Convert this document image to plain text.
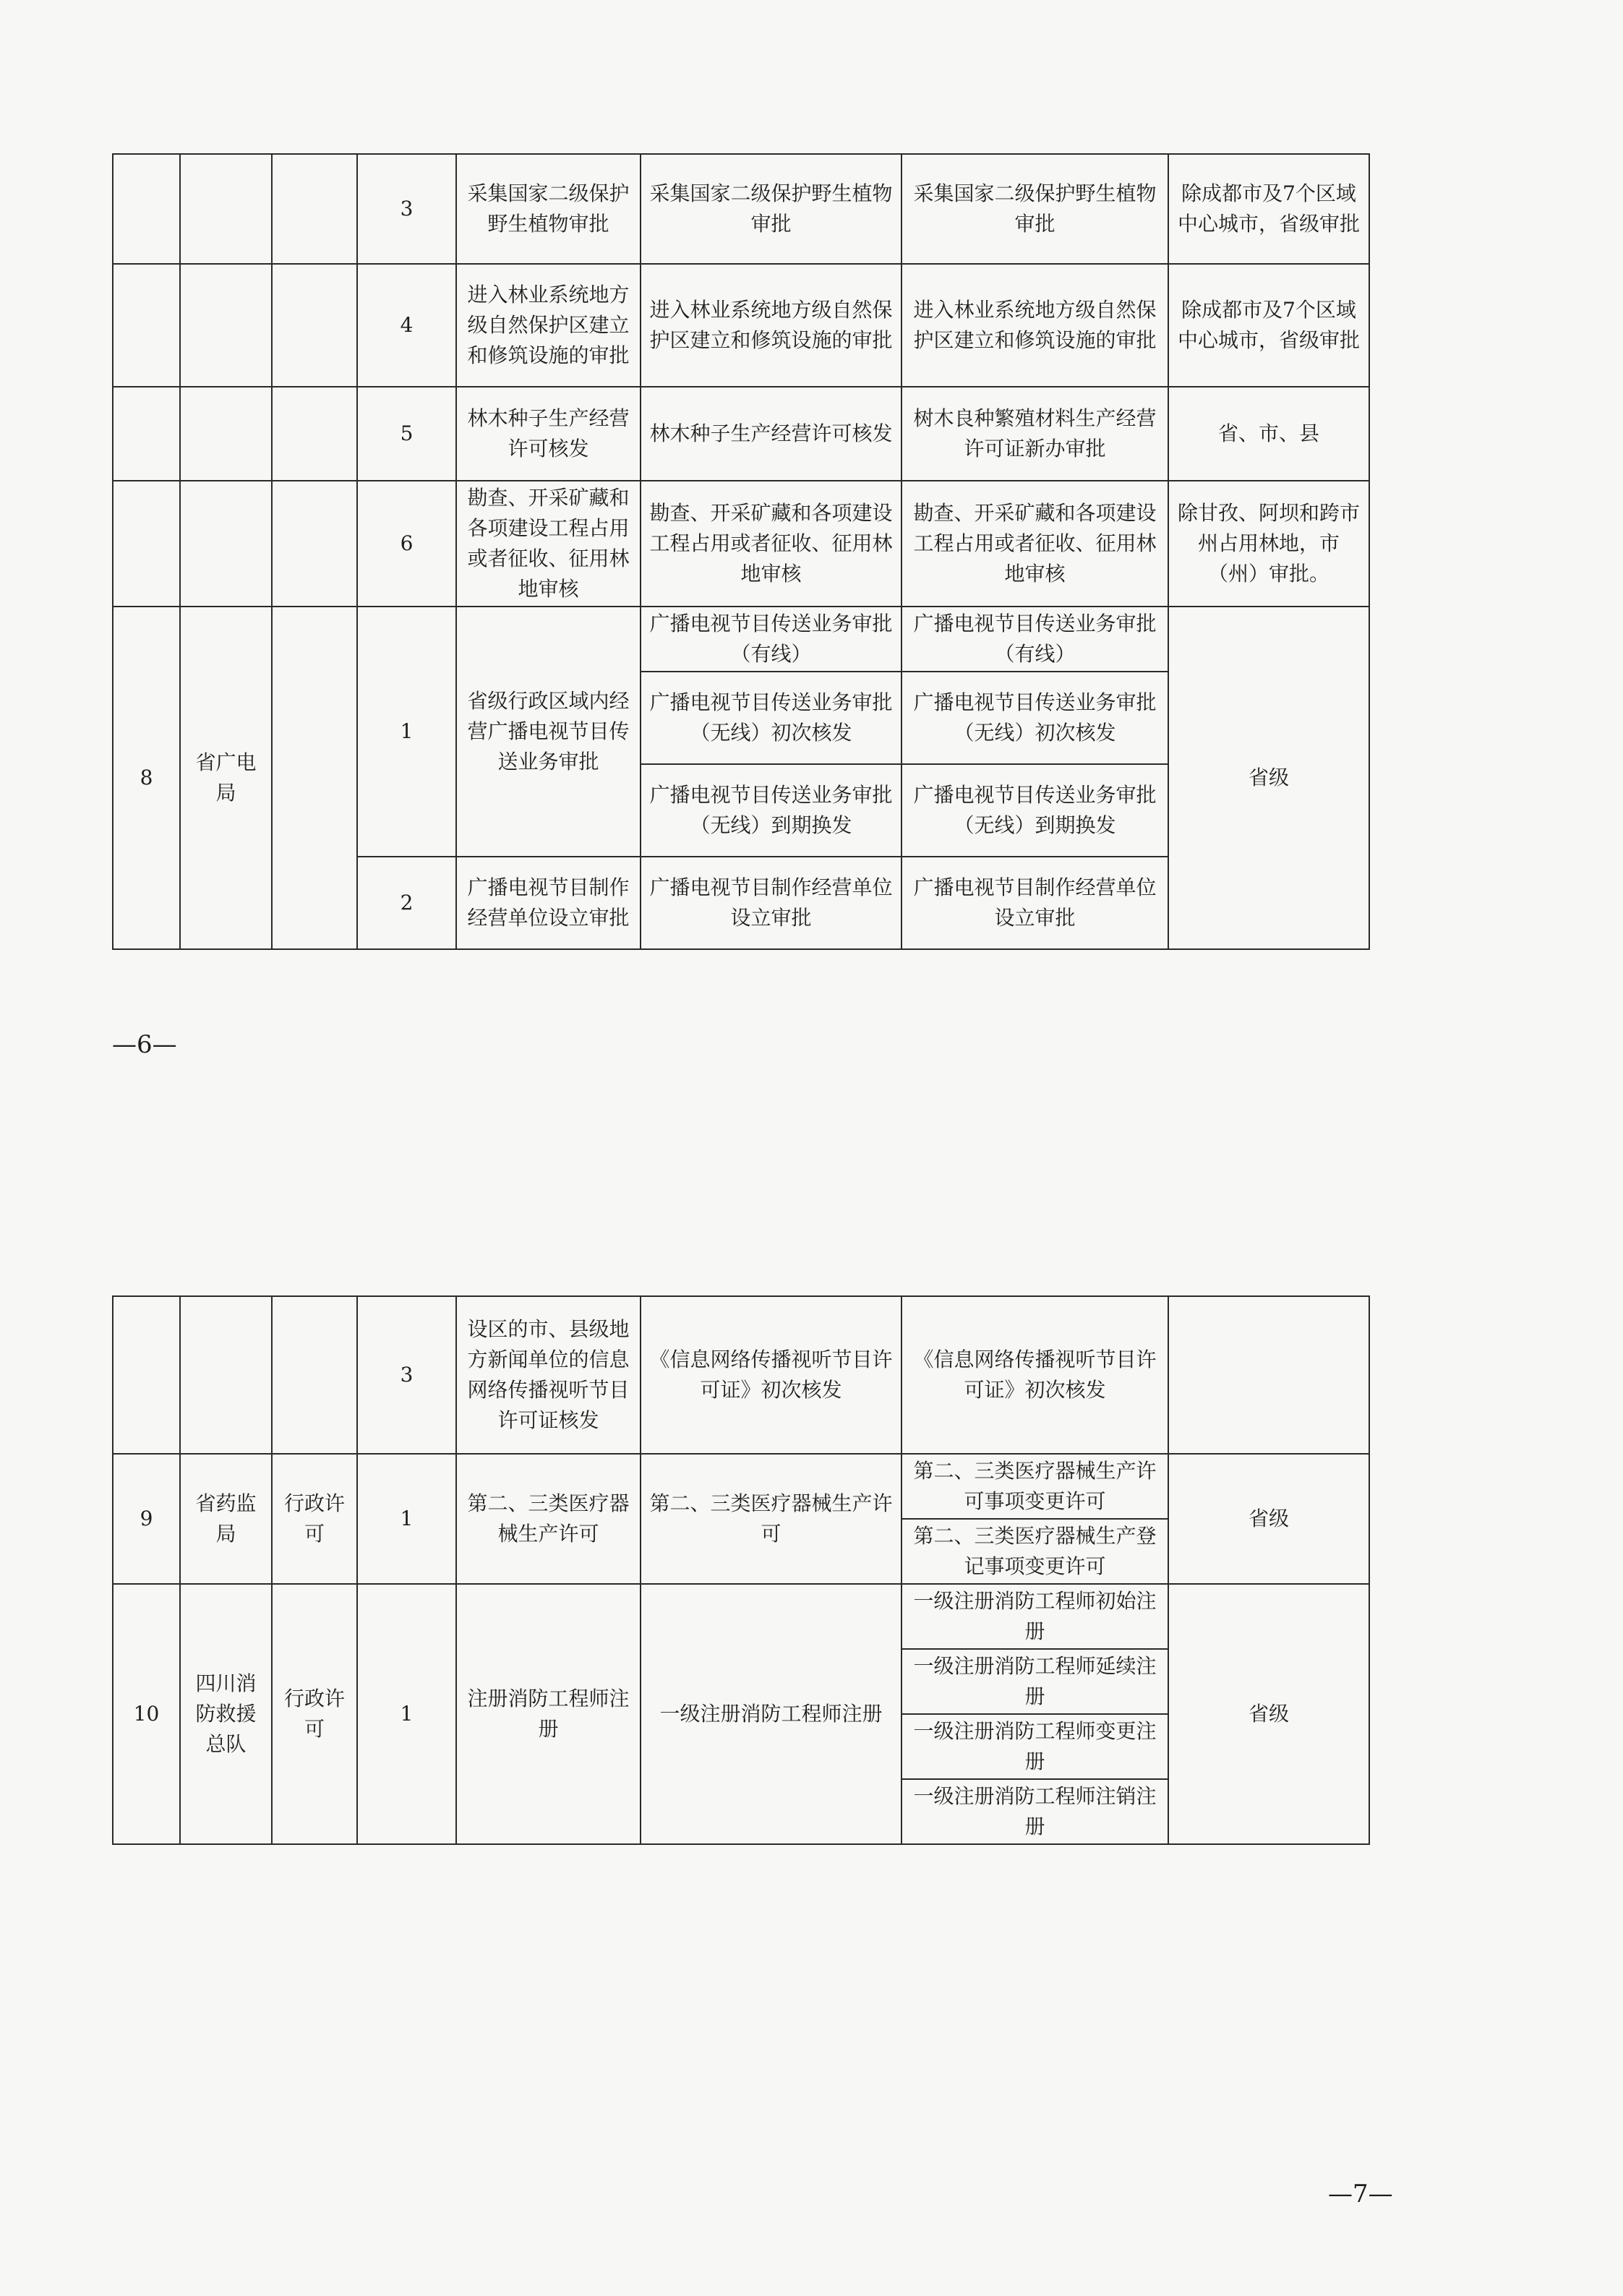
			3	采集国家二级保护野生植物审批	采集国家二级保护野生植物审批	采集国家二级保护野生植物审批	除成都市及7个区域中心城市，省级审批
			4	进入林业系统地方级自然保护区建立和修筑设施的审批	进入林业系统地方级自然保护区建立和修筑设施的审批	进入林业系统地方级自然保护区建立和修筑设施的审批	除成都市及7个区域中心城市，省级审批
			5	林木种子生产经营许可核发	林木种子生产经营许可核发	树木良种繁殖材料生产经营许可证新办审批	省、市、县
			6	勘查、开采矿藏和各项建设工程占用或者征收、征用林地审核	勘查、开采矿藏和各项建设工程占用或者征收、征用林地审核	勘查、开采矿藏和各项建设工程占用或者征收、征用林地审核	除甘孜、阿坝和跨市州占用林地，市（州）审批。
8	省广电局		1	省级行政区域内经营广播电视节目传送业务审批	广播电视节目传送业务审批（有线）	广播电视节目传送业务审批（有线）	省级
					广播电视节目传送业务审批（无线）初次核发	广播电视节目传送业务审批（无线）初次核发	
					广播电视节目传送业务审批（无线）到期换发	广播电视节目传送业务审批（无线）到期换发	
			2	广播电视节目制作经营单位设立审批	广播电视节目制作经营单位设立审批	广播电视节目制作经营单位设立审批	
—6—
			3	设区的市、县级地方新闻单位的信息网络传播视听节目许可证核发	《信息网络传播视听节目许可证》初次核发	《信息网络传播视听节目许可证》初次核发	
9	省药监局	行政许可	1	第二、三类医疗器械生产许可	第二、三类医疗器械生产许可	第二、三类医疗器械生产许可事项变更许可	省级
						第二、三类医疗器械生产登记事项变更许可	
10	四川消防救援总队	行政许可	1	注册消防工程师注册	一级注册消防工程师注册	一级注册消防工程师初始注册	省级
						一级注册消防工程师延续注册	
						一级注册消防工程师变更注册	
						一级注册消防工程师注销注册	
—7—
